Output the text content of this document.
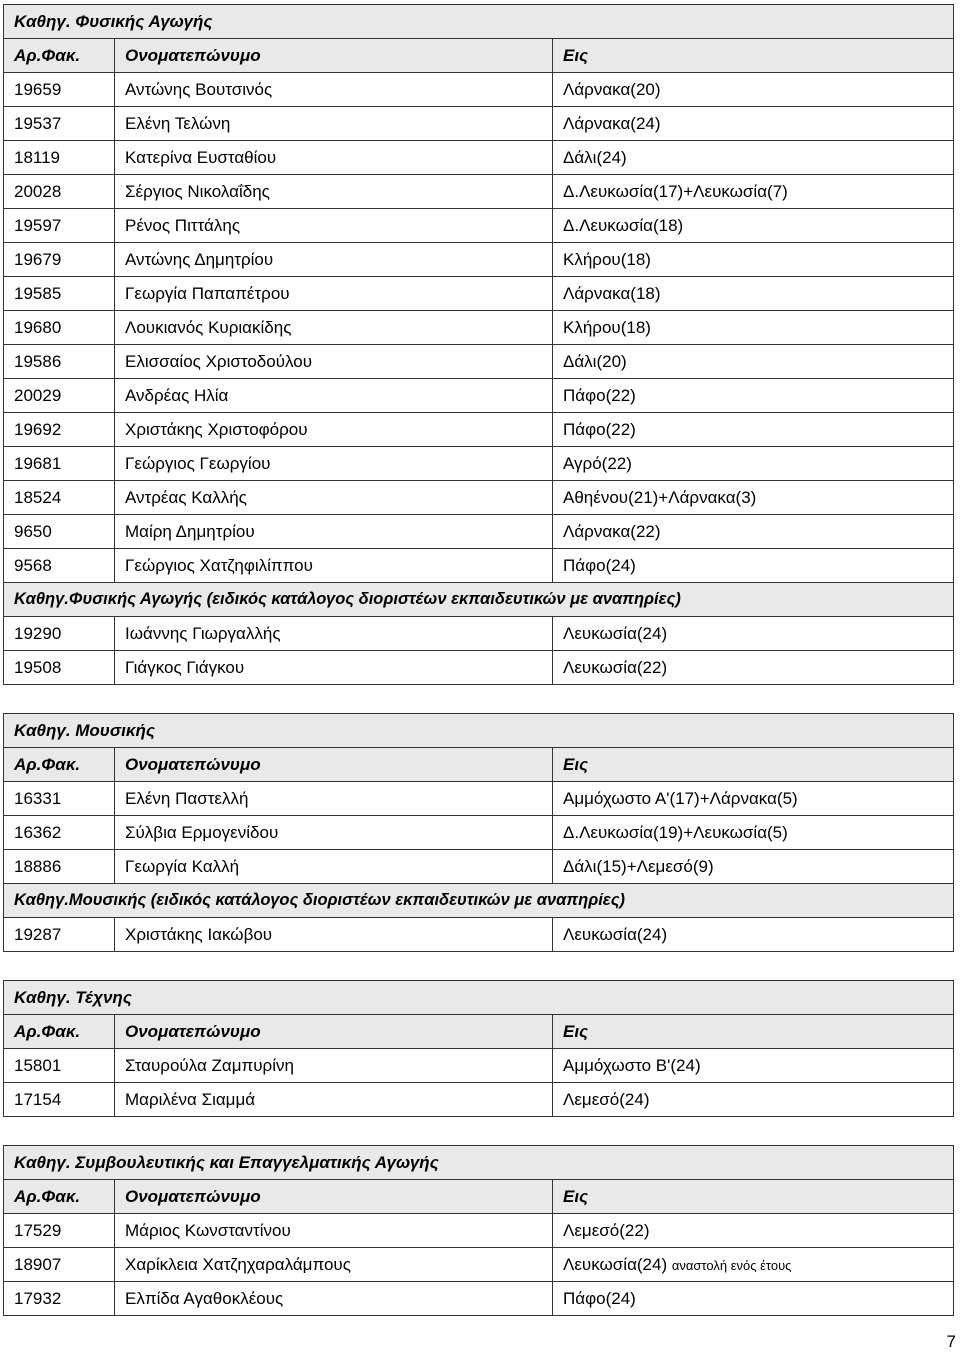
Καθηγ. Φυσικής Αγωγής		
Αρ.Φακ.	Ονοματεπώνυμο	Εις
19659	Αντώνης Βουτσινός	Λάρνακα(20)
19537	Ελένη Τελώνη	Λάρνακα(24)
18119	Κατερίνα Ευσταθίου	Δάλι(24)
20028	Σέργιος Νικολαΐδης	Δ.Λευκωσία(17)+Λευκωσία(7)
19597	Ρένος Πιττάλης	Δ.Λευκωσία(18)
19679	Αντώνης Δημητρίου	Κλήρου(18)
19585	Γεωργία Παπαπέτρου	Λάρνακα(18)
19680	Λουκιανός Κυριακίδης	Κλήρου(18)
19586	Ελισσαίος Χριστοδούλου	Δάλι(20)
20029	Ανδρέας Ηλία	Πάφο(22)
19692	Χριστάκης Χριστοφόρου	Πάφο(22)
19681	Γεώργιος Γεωργίου	Αγρό(22)
18524	Αντρέας Καλλής	Αθηένου(21)+Λάρνακα(3)
9650	Μαίρη Δημητρίου	Λάρνακα(22)
9568	Γεώργιος Χατζηφιλίππου	Πάφο(24)
Καθηγ.Φυσικής Αγωγής (ειδικός κατάλογος διοριστέων εκπαιδευτικών με αναπηρίες)		
19290	Ιωάννης Γιωργαλλής	Λευκωσία(24)
19508	Γιάγκος Γιάγκου	Λευκωσία(22)
Καθηγ. Μουσικής		
Αρ.Φακ.	Ονοματεπώνυμο	Εις
16331	Ελένη Παστελλή	Αμμόχωστο Α'(17)+Λάρνακα(5)
16362	Σύλβια Ερμογενίδου	Δ.Λευκωσία(19)+Λευκωσία(5)
18886	Γεωργία Καλλή	Δάλι(15)+Λεμεσό(9)
Καθηγ.Μουσικής (ειδικός κατάλογος διοριστέων εκπαιδευτικών με αναπηρίες)		
19287	Χριστάκης Ιακώβου	Λευκωσία(24)
Καθηγ. Τέχνης		
Αρ.Φακ.	Ονοματεπώνυμο	Εις
15801	Σταυρούλα Ζαμπυρίνη	Αμμόχωστο Β'(24)
17154	Μαριλένα Σιαμμά	Λεμεσό(24)
Καθηγ. Συμβουλευτικής και Επαγγελματικής Αγωγής		
Αρ.Φακ.	Ονοματεπώνυμο	Εις
17529	Μάριος Κωνσταντίνου	Λεμεσό(22)
18907	Χαρίκλεια Χατζηχαραλάμπους	Λευκωσία(24) αναστολή ενός έτους
17932	Ελπίδα Αγαθοκλέους	Πάφο(24)
7
